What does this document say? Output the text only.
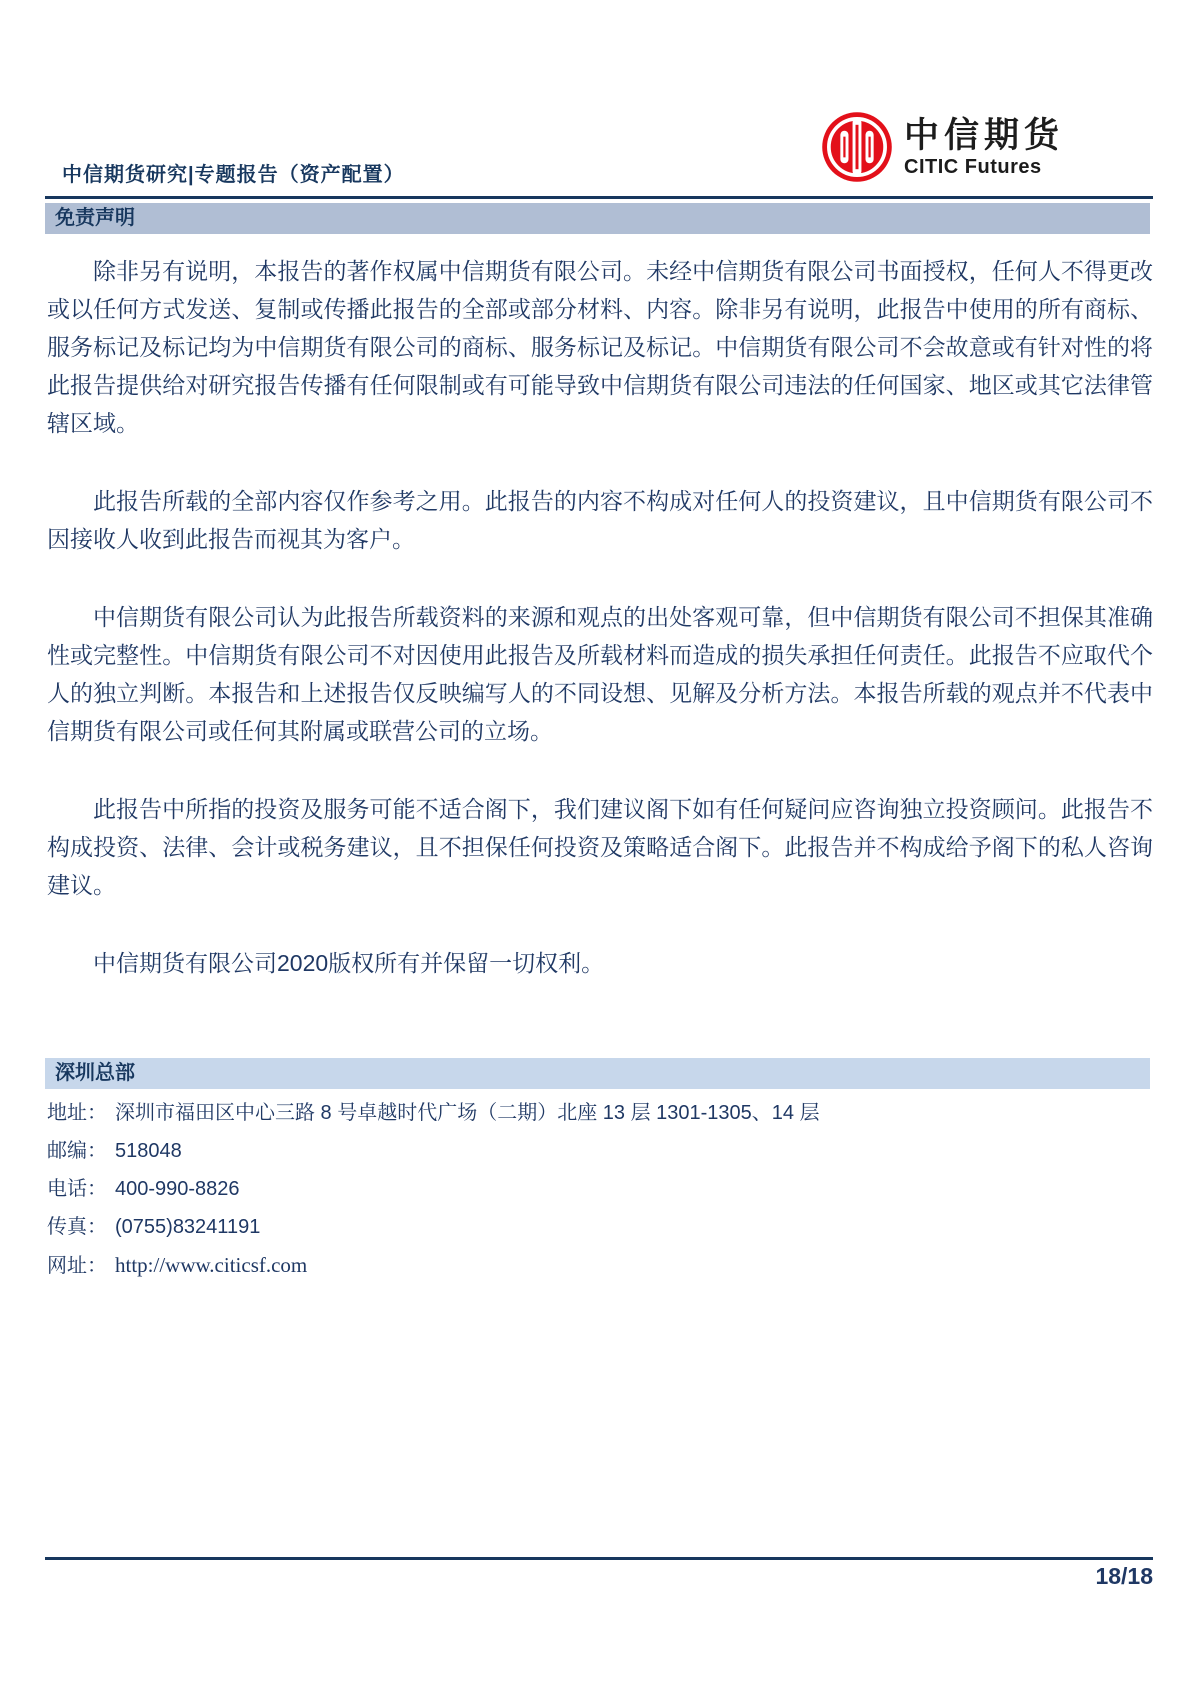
中信期货研究|专题报告（资产配置）
中信期货
CITIC Futures
免责声明

除非另有说明，本报告的著作权属中信期货有限公司。未经中信期货有限公司书面授权，任何人不得更改或以任何方式发送、复制或传播此报告的全部或部分材料、内容。除非另有说明，此报告中使用的所有商标、服务标记及标记均为中信期货有限公司的商标、服务标记及标记。中信期货有限公司不会故意或有针对性的将此报告提供给对研究报告传播有任何限制或有可能导致中信期货有限公司违法的任何国家、地区或其它法律管辖区域。

此报告所载的全部内容仅作参考之用。此报告的内容不构成对任何人的投资建议，且中信期货有限公司不因接收人收到此报告而视其为客户。

中信期货有限公司认为此报告所载资料的来源和观点的出处客观可靠，但中信期货有限公司不担保其准确性或完整性。中信期货有限公司不对因使用此报告及所载材料而造成的损失承担任何责任。此报告不应取代个人的独立判断。本报告和上述报告仅反映编写人的不同设想、见解及分析方法。本报告所载的观点并不代表中信期货有限公司或任何其附属或联营公司的立场。

此报告中所指的投资及服务可能不适合阁下，我们建议阁下如有任何疑问应咨询独立投资顾问。此报告不构成投资、法律、会计或税务建议，且不担保任何投资及策略适合阁下。此报告并不构成给予阁下的私人咨询建议。

中信期货有限公司2020版权所有并保留一切权利。

深圳总部
地址： 深圳市福田区中心三路 8 号卓越时代广场（二期）北座 13 层 1301-1305、14 层
邮编： 518048
电话： 400-990-8826
传真： (0755)83241191
网址： http://www.citicsf.com
18/18
